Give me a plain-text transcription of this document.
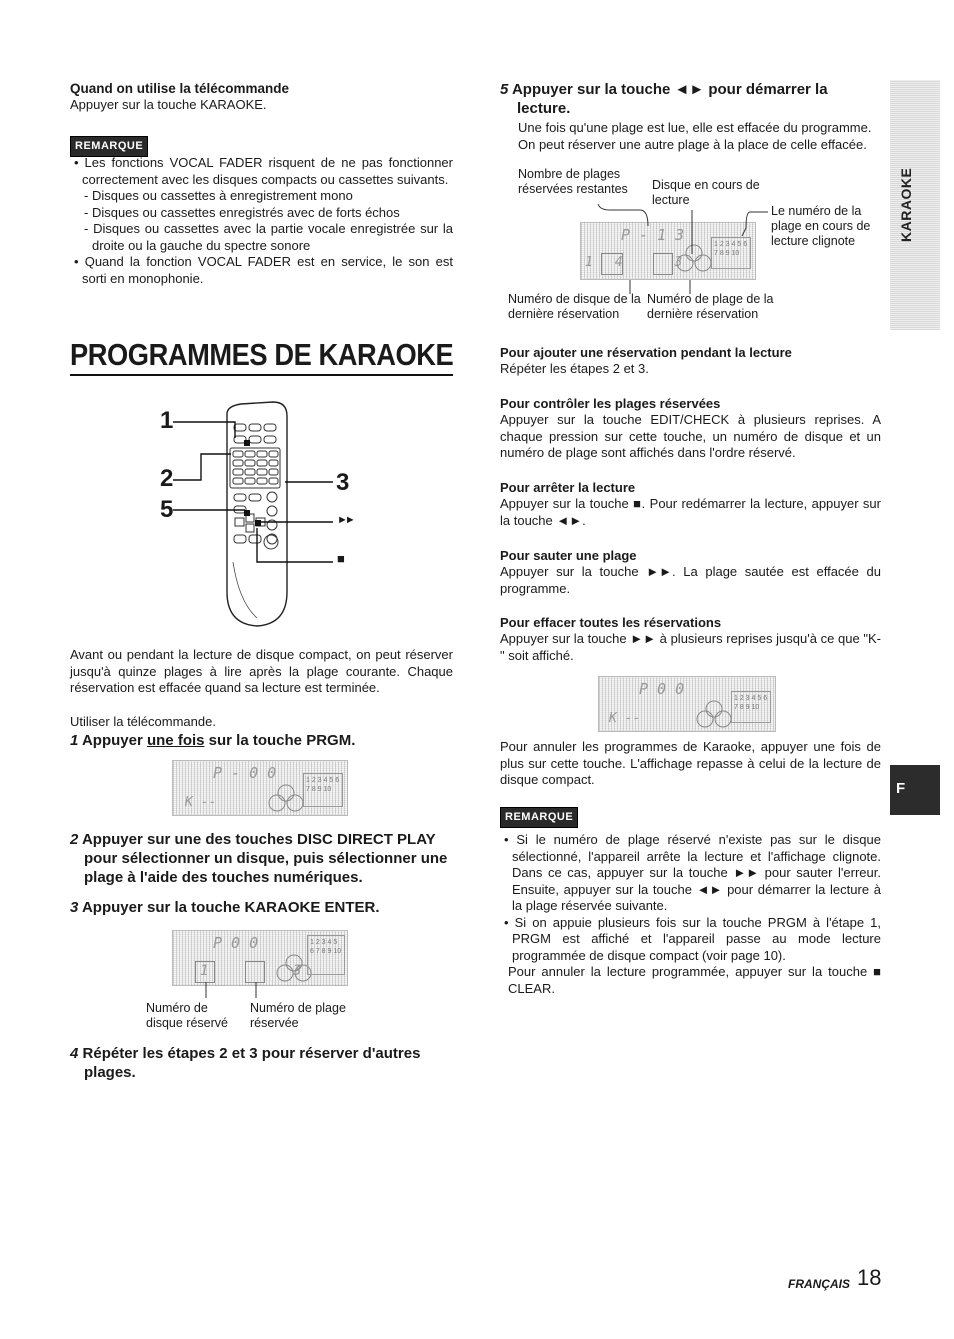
Quand on utilise la télécommande
Appuyer sur la touche KARAOKE.
REMARQUE
• Les fonctions VOCAL FADER risquent de ne pas fonctionner correctement avec les disques compacts ou cassettes suivants.
- Disques ou cassettes à enregistrement mono
- Disques ou cassettes enregistrés avec de forts échos
- Disques ou cassettes avec la partie vocale enregistrée sur la droite ou la gauche du spectre sonore
• Quand la fonction VOCAL FADER est en service, le son est sorti en monophonie.
PROGRAMMES DE KARAOKE
1
2	3
5	►►
■
Avant ou pendant la lecture de disque compact, on peut réserver jusqu'à quinze plages à lire après la plage courante. Chaque réservation est effacée quand sa lecture est terminée.
Utiliser la télécommande.
1 Appuyer une fois sur la touche PRGM.
P - 0 0
K --
1 2 3 4 5 6 7 8 9 10
2 Appuyer sur une des touches DISC DIRECT PLAY pour sélectionner un disque, puis sélectionner une plage à l'aide des touches numériques.
3 Appuyer sur la touche KARAOKE ENTER.
P 0 0
1 3
1 2 3 4 5 6 7 8 9 10
Numéro de disque réservé
Numéro de plage réservée
4 Répéter les étapes 2 et 3 pour réserver d'autres plages.
5 Appuyer sur la touche ◄► pour démarrer la lecture.
Une fois qu'une plage est lue, elle est effacée du programme. On peut réserver une autre plage à la place de celle effacée.
Nombre de plages réservées restantes	Disque en cours de lecture
Le numéro de la plage en cours de lecture clignote
P - 1 3
14 3
1 2 3 4 5 6 7 8 9 10
Numéro de disque de la dernière réservation
Numéro de plage de la dernière réservation
Pour ajouter une réservation pendant la lecture
Répéter les étapes 2 et 3.
Pour contrôler les plages réservées
Appuyer sur la touche EDIT/CHECK à plusieurs reprises. A chaque pression sur cette touche, un numéro de disque et un numéro de plage sont affichés dans l'ordre réservé.
Pour arrêter la lecture
Appuyer sur la touche ■. Pour redémarrer la lecture, appuyer sur la touche ◄►.
Pour sauter une plage
Appuyer sur la touche ►►. La plage sautée est effacée du programme.
Pour effacer toutes les réservations
Appuyer sur la touche ►► à plusieurs reprises jusqu'à ce que "K-" soit affiché.
P 0 0
K --
1 2 3 4 5 6 7 8 9 10
Pour annuler les programmes de Karaoke, appuyer une fois de plus sur cette touche. L'affichage repasse à celui de la lecture de disque compact.
REMARQUE
• Si le numéro de plage réservé n'existe pas sur le disque sélectionné, l'appareil arrête la lecture et l'affichage clignote. Dans ce cas, appuyer sur la touche ►► pour sauter l'erreur. Ensuite, appuyer sur la touche ◄► pour démarrer la lecture à la plage réservée suivante.
• Si on appuie plusieurs fois sur la touche PRGM à l'étape 1, PRGM est affiché et l'appareil passe au mode lecture programmée de disque compact (voir page 10).
Pour annuler la lecture programmée, appuyer sur la touche ■ CLEAR.
KARAOKE
F
FRANÇAIS 18
